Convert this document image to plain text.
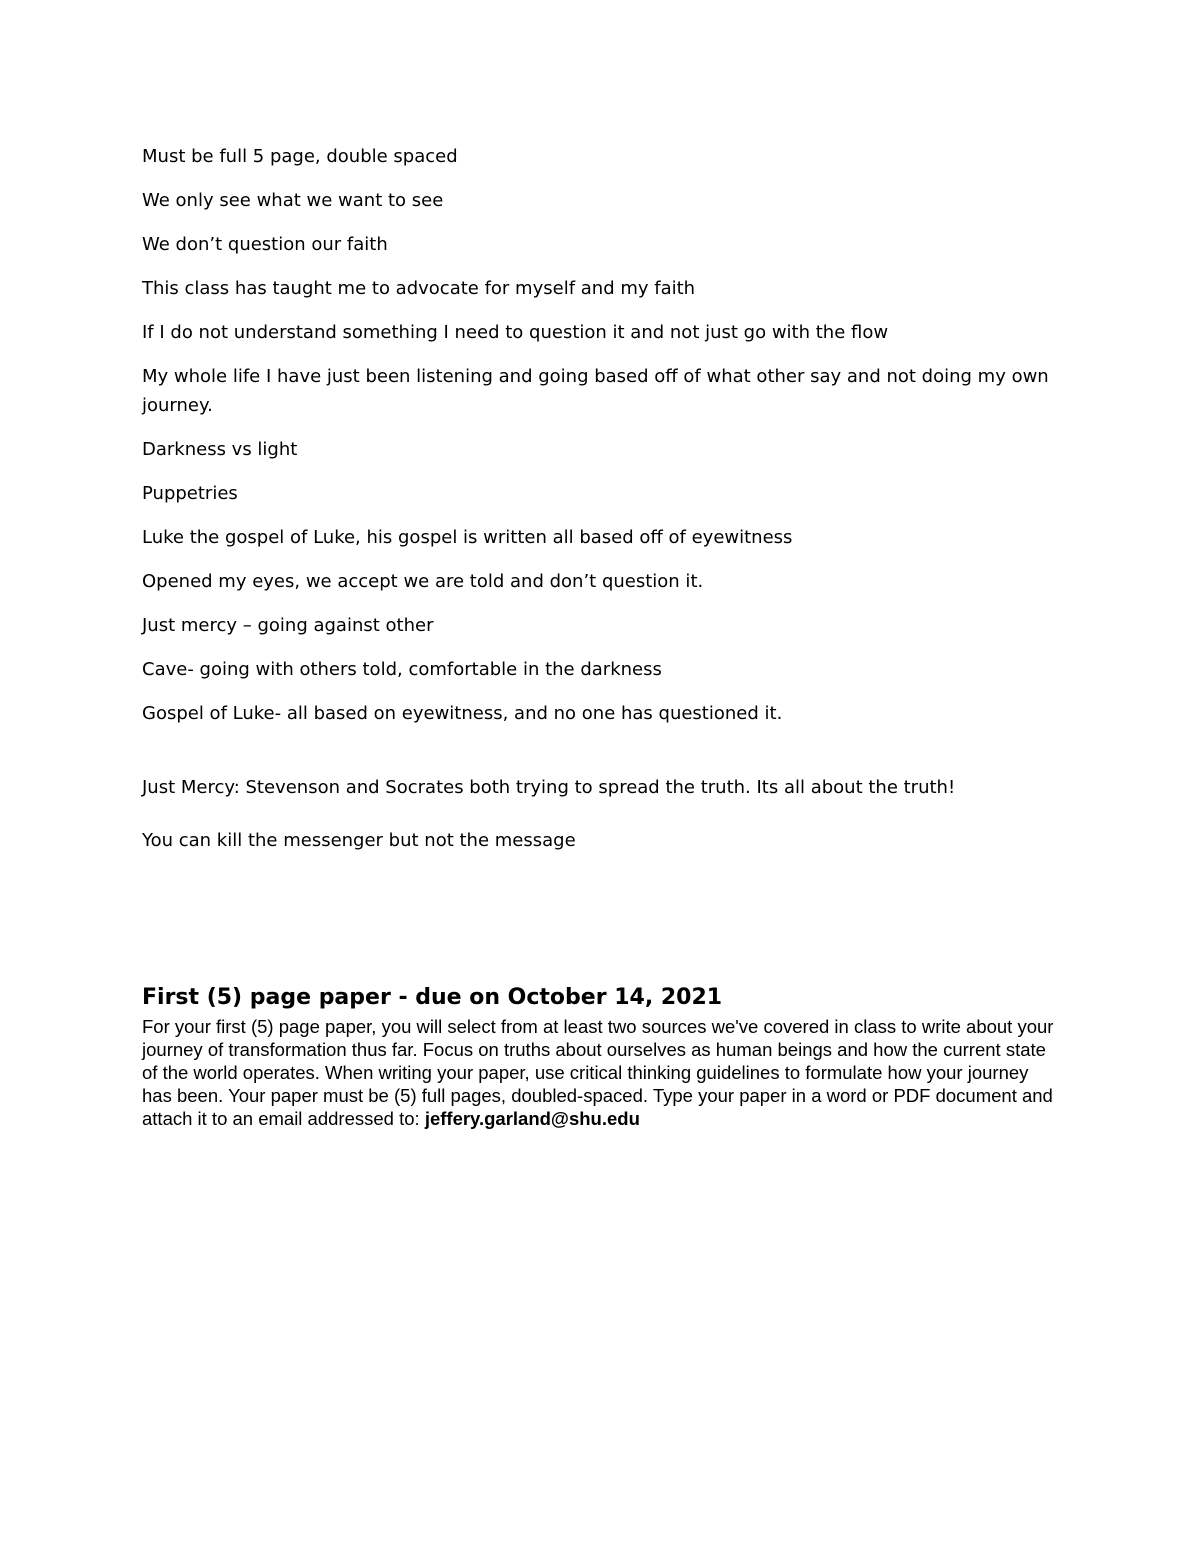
Must be full 5 page, double spaced

We only see what we want to see

We don’t question our faith

This class has taught me to advocate for myself and my faith

If I do not understand something I need to question it and not just go with the flow

My whole life I have just been listening and going based off of what other say and not doing my own journey.

Darkness vs light

Puppetries

Luke the gospel of Luke, his gospel is written all based off of eyewitness

Opened my eyes, we accept we are told and don’t question it.

Just mercy – going against other

Cave- going with others told, comfortable in the darkness

Gospel of Luke- all based on eyewitness, and no one has questioned it.

Just Mercy: Stevenson and Socrates both trying to spread the truth. Its all about the truth!

You can kill the messenger but not the message

First (5) page paper - due on October 14, 2021

For your first (5) page paper, you will select from at least two sources we've covered in class to write about your journey of transformation thus far. Focus on truths about ourselves as human beings and how the current state of the world operates. When writing your paper, use critical thinking guidelines to formulate how your journey has been. Your paper must be (5) full pages, doubled-spaced. Type your paper in a word or PDF document and attach it to an email addressed to: jeffery.garland@shu.edu
